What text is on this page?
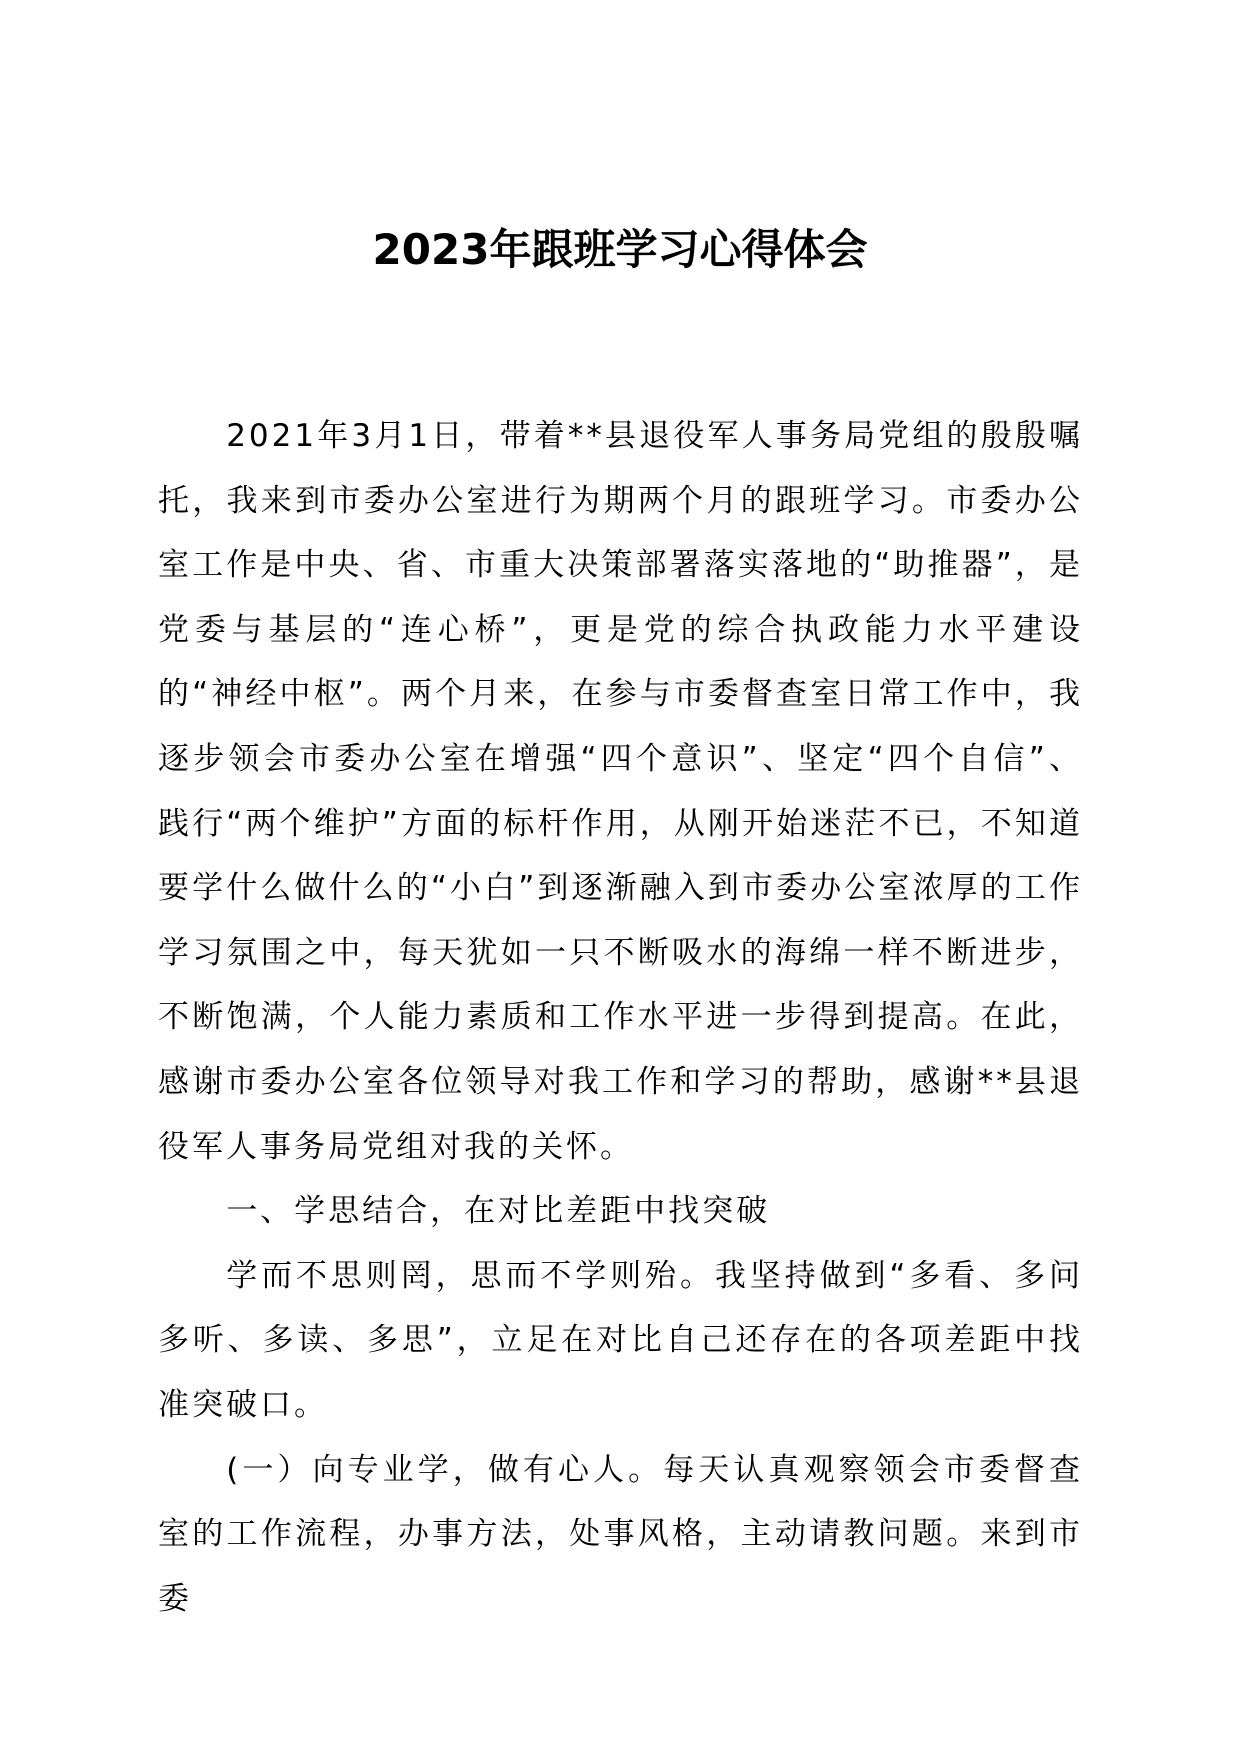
2023年跟班学习心得体会

2021年3月1日，带着**县退役军人事务局党组的殷殷嘱托，我来到市委办公室进行为期两个月的跟班学习。市委办公室工作是中央、省、市重大决策部署落实落地的“助推器”，是党委与基层的“连心桥”，更是党的综合执政能力水平建设的“神经中枢”。两个月来，在参与市委督查室日常工作中，我逐步领会市委办公室在增强“四个意识”、坚定“四个自信”、践行“两个维护”方面的标杆作用，从刚开始迷茫不已，不知道要学什么做什么的“小白”到逐渐融入到市委办公室浓厚的工作学习氛围之中，每天犹如一只不断吸水的海绵一样不断进步，不断饱满，个人能力素质和工作水平进一步得到提高。在此，感谢市委办公室各位领导对我工作和学习的帮助，感谢**县退役军人事务局党组对我的关怀。

一、学思结合，在对比差距中找突破

学而不思则罔，思而不学则殆。我坚持做到“多看、多问多听、多读、多思”，立足在对比自己还存在的各项差距中找准突破口。

(一）向专业学，做有心人。每天认真观察领会市委督查室的工作流程，办事方法，处事风格，主动请教问题。来到市委
